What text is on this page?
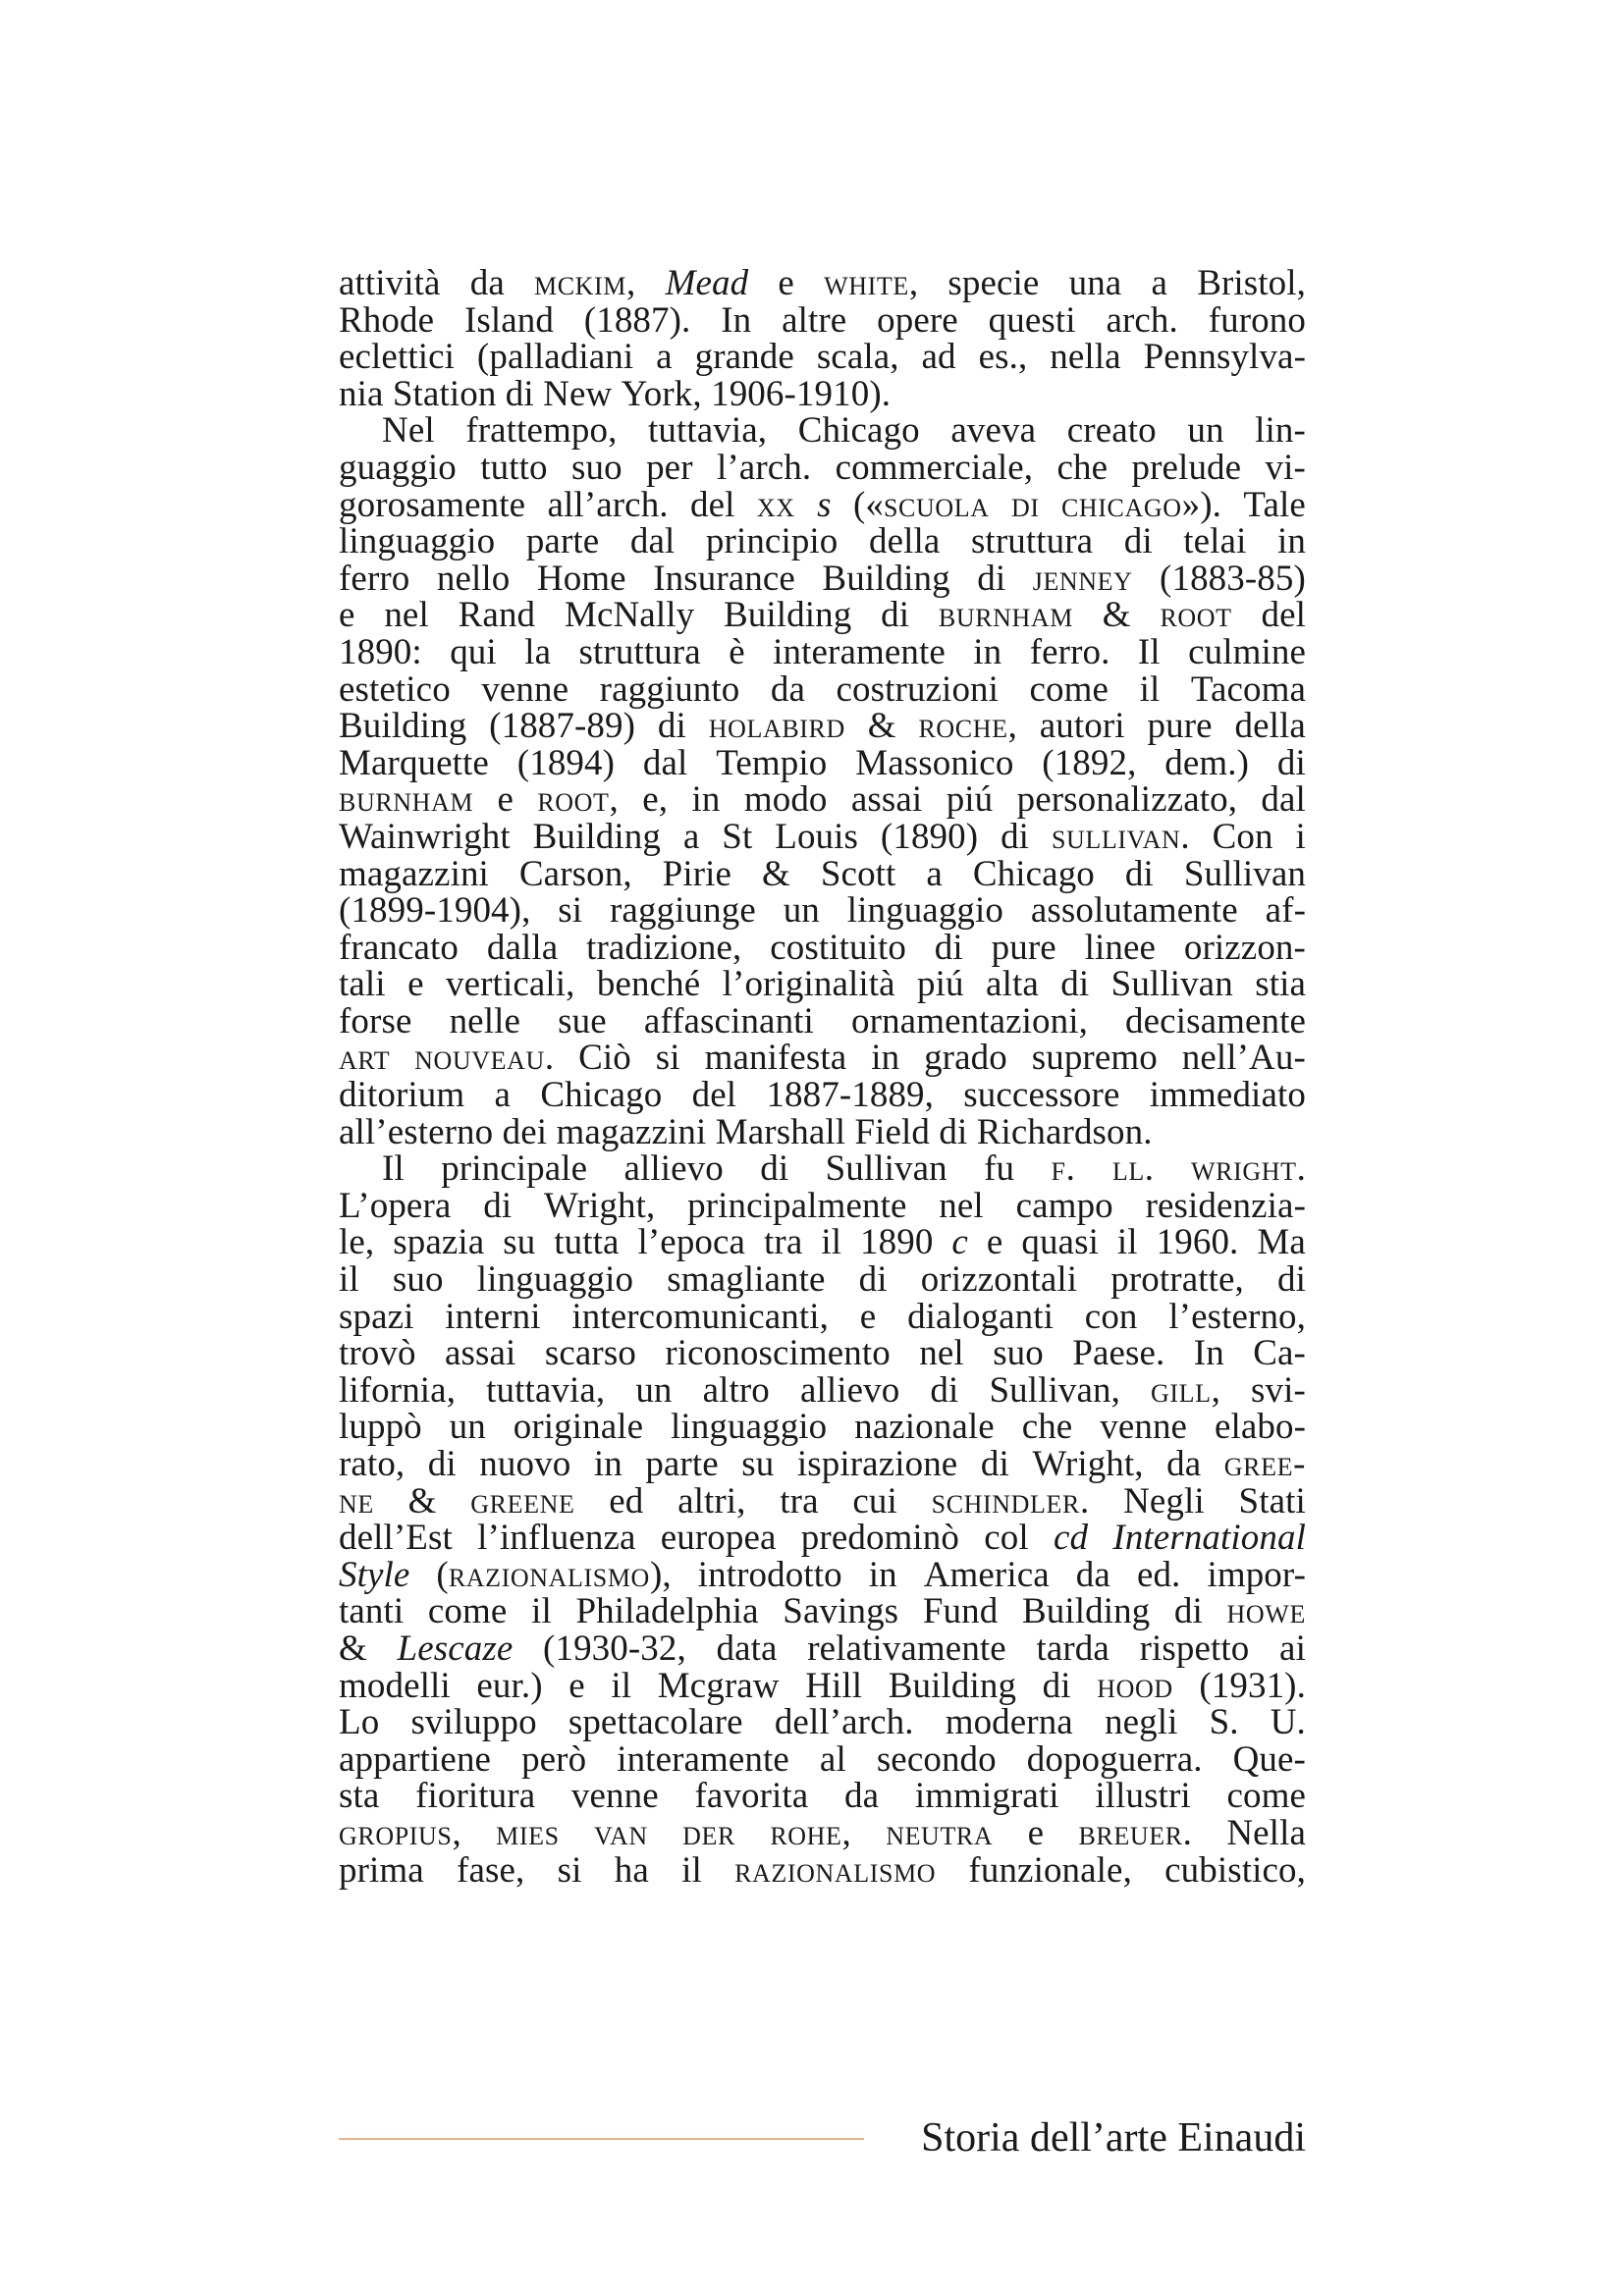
attività da mckim, Mead e white, specie una a Bristol,
Rhode Island (1887). In altre opere questi arch. furono
eclettici (palladiani a grande scala, ad es., nella Pennsylva-
nia
Station
di
New
York,
1906-1910).
Nel frattempo, tuttavia, Chicago aveva creato un lin-
guaggio tutto suo per l’arch. commerciale, che prelude vi-
gorosamente all’arch. del xx s («scuola di chicago»). Tale
linguaggio parte dal principio della struttura di telai in
ferro nello Home Insurance Building di jenney (1883-85)
e nel Rand McNally Building di burnham & root del
1890: qui la struttura è interamente in ferro. Il culmine
estetico venne raggiunto da costruzioni come il Tacoma
Building (1887-89) di holabird & roche, autori pure della
Marquette (1894) dal Tempio Massonico (1892, dem.) di
burnham e root, e, in modo assai piú personalizzato, dal
Wainwright Building a St Louis (1890) di sullivan. Con i
magazzini Carson, Pirie & Scott a Chicago di Sullivan
(1899-1904), si raggiunge un linguaggio assolutamente af-
francato dalla tradizione, costituito di pure linee orizzon-
tali e verticali, benché l’originalità piú alta di Sullivan stia
forse nelle sue affascinanti ornamentazioni, decisamente
art nouveau. Ciò si manifesta in grado supremo nell’Au-
ditorium a Chicago del 1887-1889, successore immediato
all’esterno
dei
magazzini
Marshall
Field
di
Richardson.
Il principale allievo di Sullivan fu f. ll. wright.
L’opera di Wright, principalmente nel campo residenzia-
le, spazia su tutta l’epoca tra il 1890 c e quasi il 1960. Ma
il suo linguaggio smagliante di orizzontali protratte, di
spazi interni intercomunicanti, e dialoganti con l’esterno,
trovò assai scarso riconoscimento nel suo Paese. In Ca-
lifornia, tuttavia, un altro allievo di Sullivan, gill, svi-
luppò un originale linguaggio nazionale che venne elabo-
rato, di nuovo in parte su ispirazione di Wright, da gree-
ne & greene ed altri, tra cui schindler. Negli Stati
dell’Est l’influenza europea predominò col cd International
Style (razionalismo), introdotto in America da ed. impor-
tanti come il Philadelphia Savings Fund Building di howe
& Lescaze (1930-32, data relativamente tarda rispetto ai
modelli eur.) e il Mcgraw Hill Building di hood (1931).
Lo sviluppo spettacolare dell’arch. moderna negli S. U.
appartiene però interamente al secondo dopoguerra. Que-
sta fioritura venne favorita da immigrati illustri come
gropius, mies van der rohe, neutra e breuer. Nella
prima fase, si ha il razionalismo funzionale, cubistico,
Storia dell’arte Einaudi
